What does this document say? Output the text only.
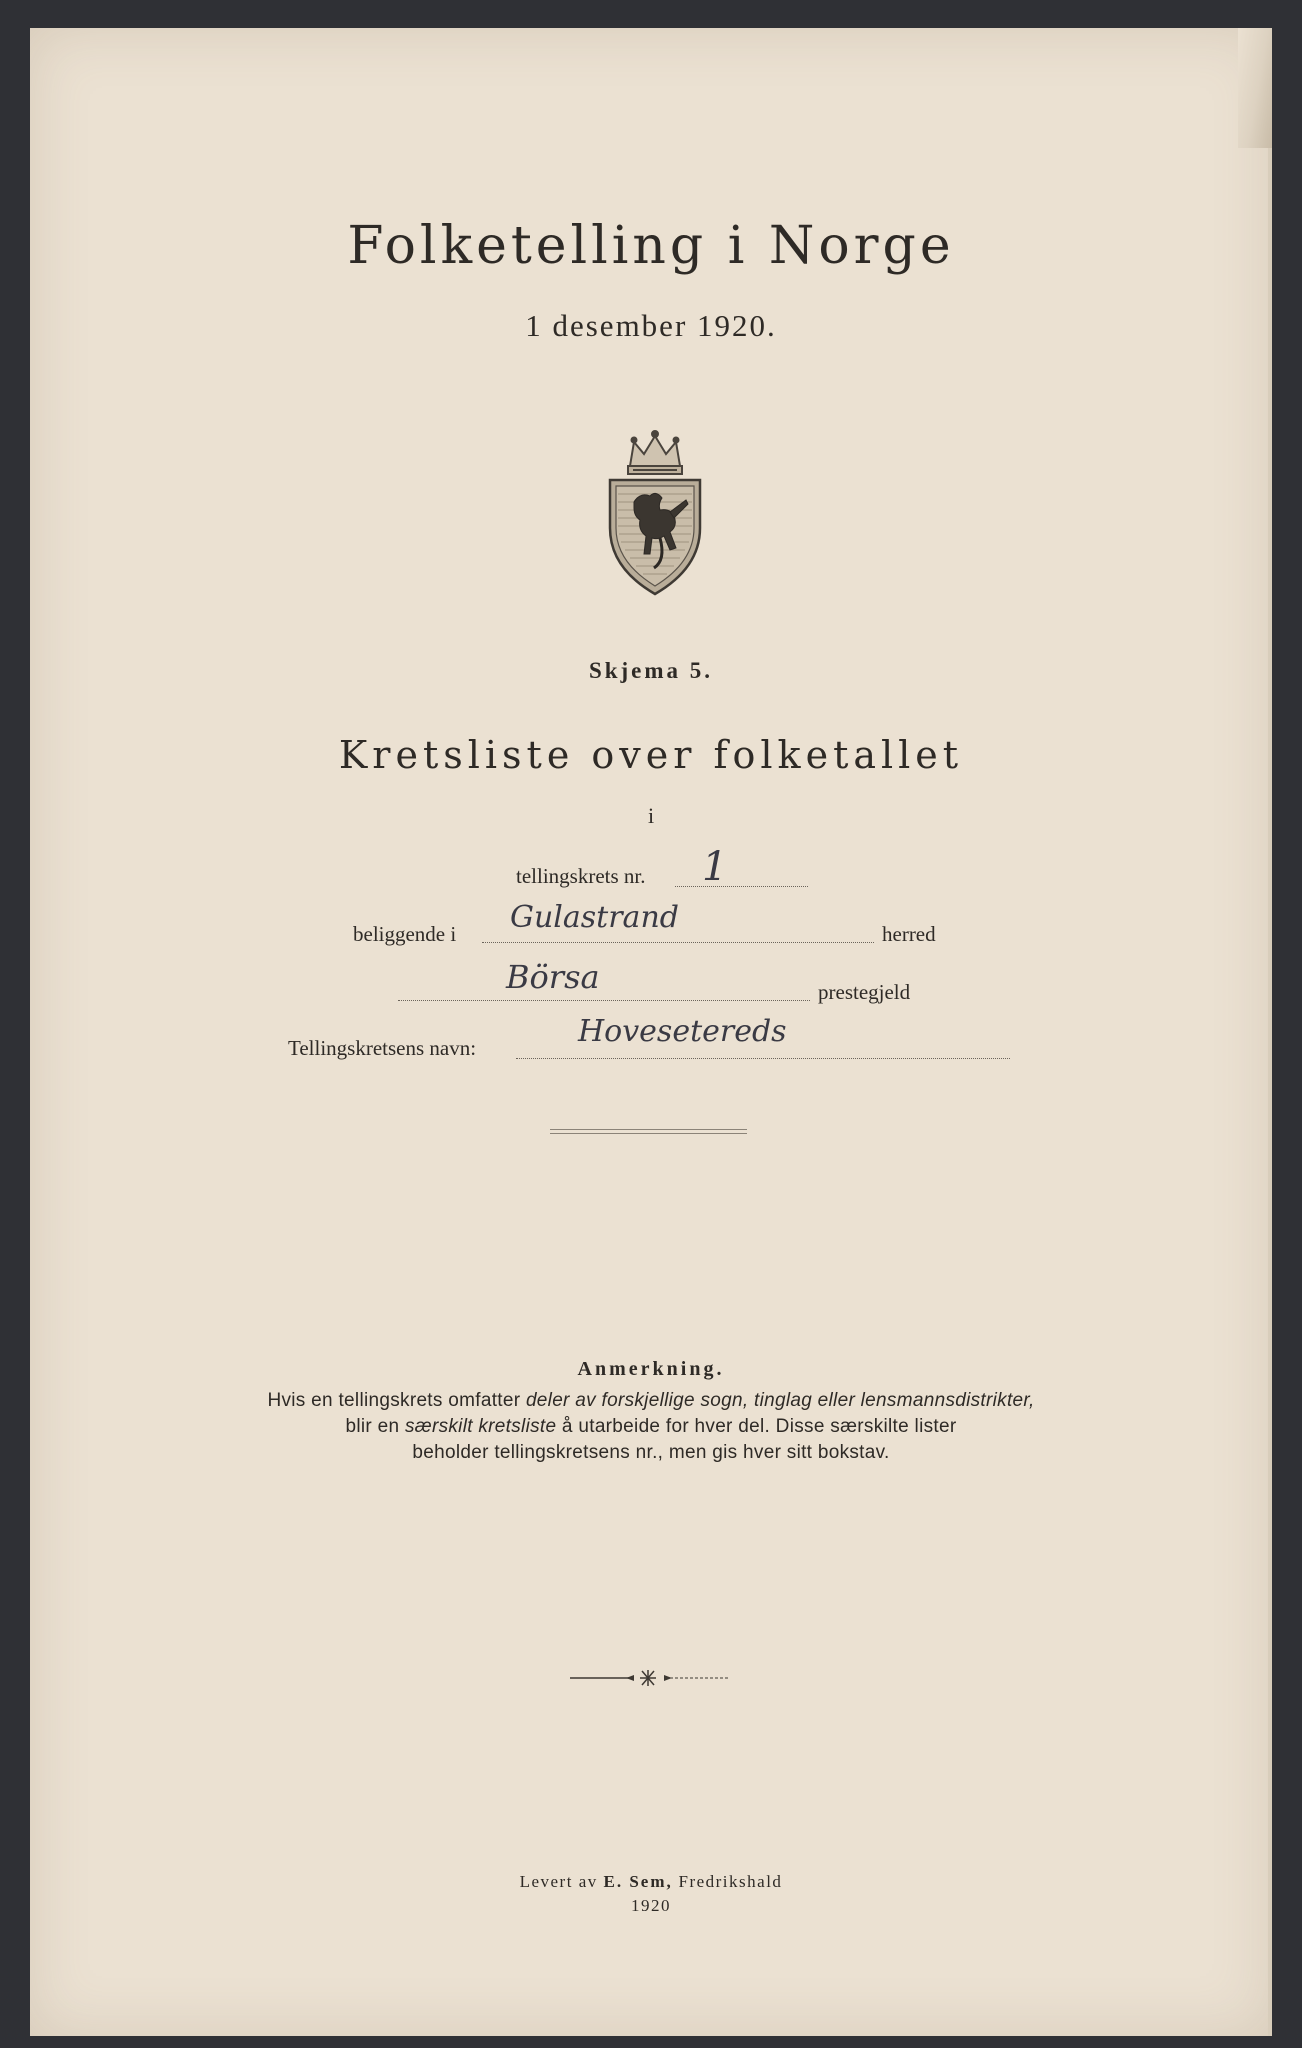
Folketelling i Norge
1 desember 1920.
Skjema 5.
Kretsliste over folketallet
i
tellingskrets nr. 1
beliggende i Gulastrand	herred
Börsa	prestegjeld
Tellingskretsens navn:	Hovesetereds
Anmerkning.
Hvis en tellingskrets omfatter deler av forskjellige sogn, tinglag eller lensmannsdistrikter,
blir en særskilt kretsliste å utarbeide for hver del. Disse særskilte lister
beholder tellingskretsens nr., men gis hver sitt bokstav.
Levert av E. Sem, Fredrikshald
1920
